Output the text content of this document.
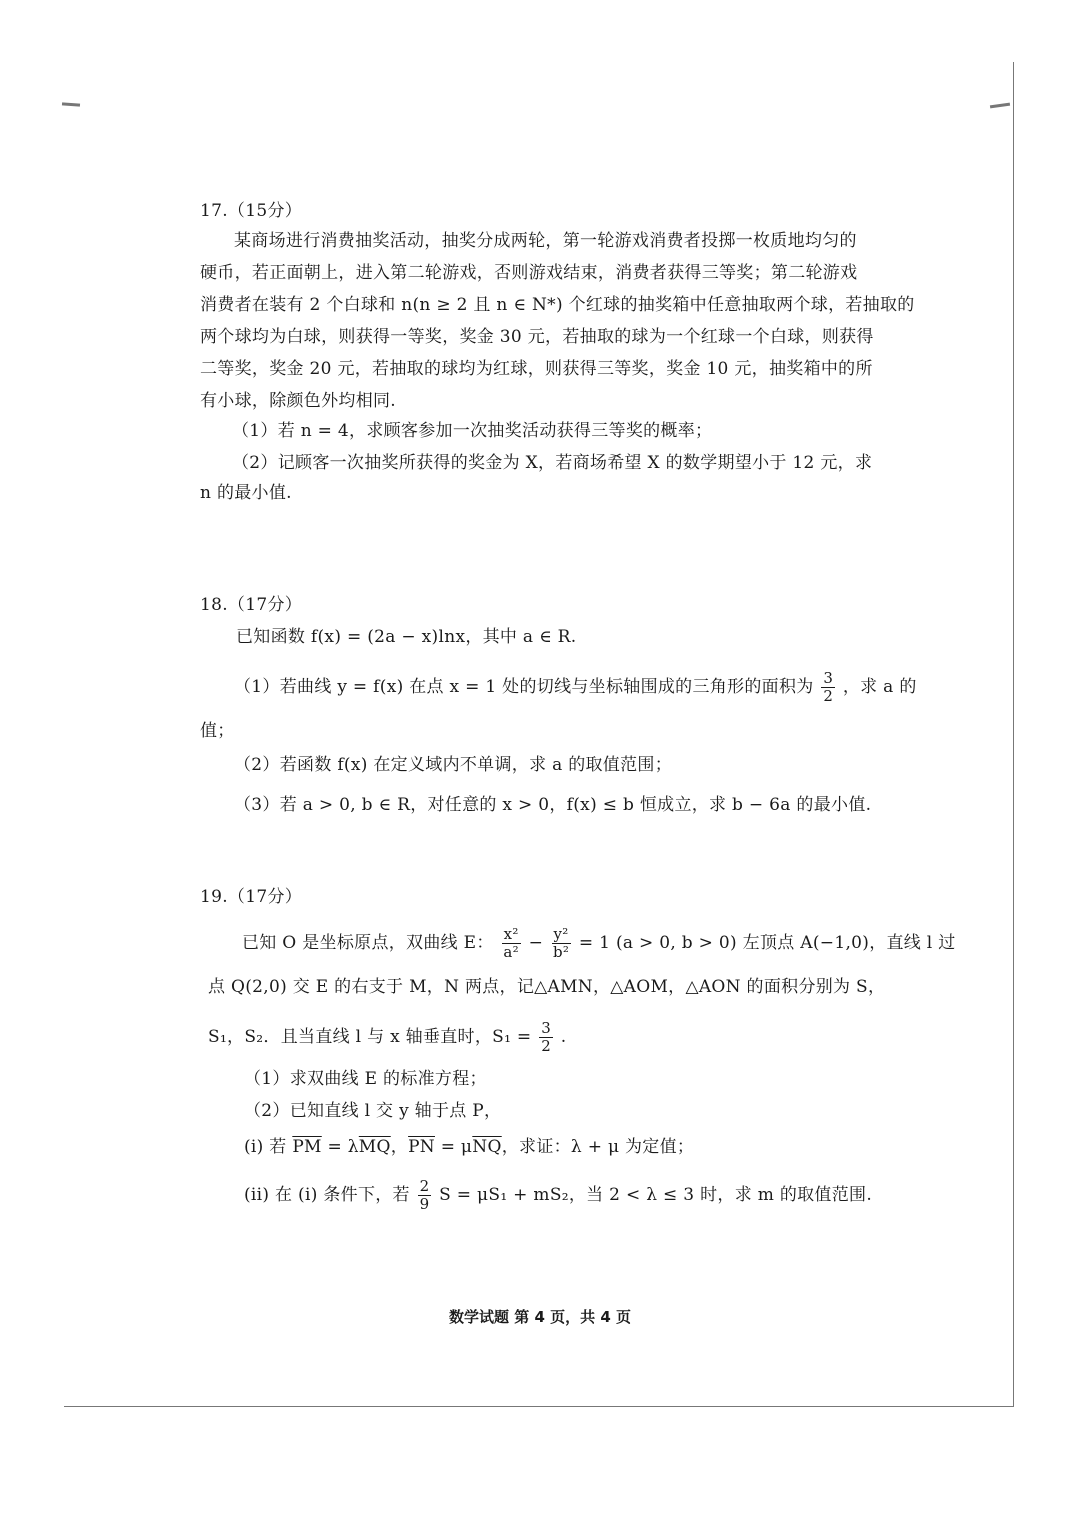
17.（15分）
某商场进行消费抽奖活动，抽奖分成两轮，第一轮游戏消费者投掷一枚质地均匀的
硬币，若正面朝上，进入第二轮游戏，否则游戏结束，消费者获得三等奖；第二轮游戏
消费者在装有 2 个白球和 n(n ≥ 2 且 n ∈ N*) 个红球的抽奖箱中任意抽取两个球，若抽取的
两个球均为白球，则获得一等奖，奖金 30 元，若抽取的球为一个红球一个白球，则获得
二等奖，奖金 20 元，若抽取的球均为红球，则获得三等奖，奖金 10 元，抽奖箱中的所
有小球，除颜色外均相同.
（1）若 n = 4，求顾客参加一次抽奖活动获得三等奖的概率；
（2）记顾客一次抽奖所获得的奖金为 X，若商场希望 X 的数学期望小于 12 元，求
n 的最小值.
18.（17分）
已知函数 f(x) = (2a − x)lnx，其中 a ∈ R.
（1）若曲线 y = f(x) 在点 x = 1 处的切线与坐标轴围成的三角形的面积为 $\frac{3}{2}$ ，求 a 的
值；
（2）若函数 f(x) 在定义域内不单调，求 a 的取值范围；
（3）若 a > 0, b ∈ R，对任意的 x > 0，f(x) ≤ b 恒成立，求 b − 6a 的最小值.
19.（17分）
已知 O 是坐标原点，双曲线 E： $\frac{\text{x²}}{\text{a²}} - \frac{\text{y²}}{\text{b²}} = 1$ (a > 0, b > 0) 左顶点 A(−1,0)，直线 l 过
点 Q(2,0) 交 E 的右支于 M，N 两点，记△AMN，△AOM，△AON 的面积分别为 S，
S₁，S₂．且当直线 l 与 x 轴垂直时，$S_1 = \frac{3}{2}$ .
（1）求双曲线 E 的标准方程；
（2）已知直线 l 交 y 轴于点 P，
(i) 若 $\overline{PM} = \lambda\overline{MQ}$，$\overline{PN} = \mu\overline{NQ}$，求证：λ + μ 为定值；
(ii) 在 (i) 条件下，若 $\frac{2}{9}$ S = μS₁ + mS₂，当 2 < λ ≤ 3 时，求 m 的取值范围.
数学试题 第 4 页，共 4 页
